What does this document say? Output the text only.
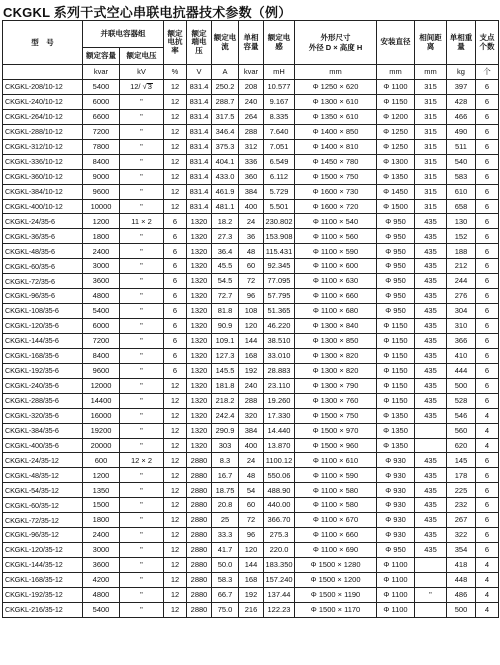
CKGKL 系列干式空心串联电抗器技术参数（例）
型　号	并联电容器组		额定电抗率	额定端电压	额定电流	单相容量	额定电感	外形尺寸
外径 D × 高度 H	安装直径	相间距离	单相重量	支点个数
	额定容量	额定电压										
	kvar	kV	%	V	A	kvar	mH	mm	mm	mm	kg	个
CKGKL-208/10-12	5400	12/ √3	12	831.4	250.2	208	10.577	Φ 1250 × 620	Φ 1100	315	397	6
CKGKL-240/10-12	6000	"	12	831.4	288.7	240	9.167	Φ 1300 × 610	Φ 1150	315	428	6
CKGKL-264/10-12	6600	"	12	831.4	317.5	264	8.335	Φ 1350 × 610	Φ 1200	315	466	6
CKGKL-288/10-12	7200	"	12	831.4	346.4	288	7.640	Φ 1400 × 850	Φ 1250	315	490	6
CKGKL-312/10-12	7800	"	12	831.4	375.3	312	7.051	Φ 1400 × 810	Φ 1250	315	511	6
CKGKL-336/10-12	8400	"	12	831.4	404.1	336	6.549	Φ 1450 × 780	Φ 1300	315	540	6
CKGKL-360/10-12	9000	"	12	831.4	433.0	360	6.112	Φ 1500 × 750	Φ 1350	315	583	6
CKGKL-384/10-12	9600	"	12	831.4	461.9	384	5.729	Φ 1600 × 730	Φ 1450	315	610	6
CKGKL-400/10-12	10000	"	12	831.4	481.1	400	5.501	Φ 1600 × 720	Φ 1500	315	658	6
CKGKL-24/35-6	1200	11 × 2	6	1320	18.2	24	230.802	Φ 1100 × 540	Φ 950	435	130	6
CKGKL-36/35-6	1800	"	6	1320	27.3	36	153.908	Φ 1100 × 560	Φ 950	435	152	6
CKGKL-48/35-6	2400	"	6	1320	36.4	48	115.431	Φ 1100 × 590	Φ 950	435	188	6
CKGKL-60/35-6	3000	"	6	1320	45.5	60	92.345	Φ 1100 × 600	Φ 950	435	212	6
CKGKL-72/35-6	3600	"	6	1320	54.5	72	77.095	Φ 1100 × 630	Φ 950	435	244	6
CKGKL-96/35-6	4800	"	6	1320	72.7	96	57.795	Φ 1100 × 660	Φ 950	435	276	6
CKGKL-108/35-6	5400	"	6	1320	81.8	108	51.365	Φ 1100 × 680	Φ 950	435	304	6
CKGKL-120/35-6	6000	"	6	1320	90.9	120	46.220	Φ 1300 × 840	Φ 1150	435	310	6
CKGKL-144/35-6	7200	"	6	1320	109.1	144	38.510	Φ 1300 × 850	Φ 1150	435	366	6
CKGKL-168/35-6	8400	"	6	1320	127.3	168	33.010	Φ 1300 × 820	Φ 1150	435	410	6
CKGKL-192/35-6	9600	"	6	1320	145.5	192	28.883	Φ 1300 × 820	Φ 1150	435	444	6
CKGKL-240/35-6	12000	"	12	1320	181.8	240	23.110	Φ 1300 × 790	Φ 1150	435	500	6
CKGKL-288/35-6	14400	"	12	1320	218.2	288	19.260	Φ 1300 × 760	Φ 1150	435	528	6
CKGKL-320/35-6	16000	"	12	1320	242.4	320	17.330	Φ 1500 × 750	Φ 1350	435	546	4
CKGKL-384/35-6	19200	"	12	1320	290.9	384	14.440	Φ 1500 × 970	Φ 1350		560	4
CKGKL-400/35-6	20000	"	12	1320	303	400	13.870	Φ 1500 × 960	Φ 1350		620	4
CKGKL-24/35-12	600	12 × 2	12	2880	8.3	24	1100.12	Φ 1100 × 610	Φ 930	435	145	6
CKGKL-48/35-12	1200	"	12	2880	16.7	48	550.06	Φ 1100 × 590	Φ 930	435	178	6
CKGKL-54/35-12	1350	"	12	2880	18.75	54	488.90	Φ 1100 × 580	Φ 930	435	225	6
CKGKL-60/35-12	1500	"	12	2880	20.8	60	440.00	Φ 1100 × 580	Φ 930	435	232	6
CKGKL-72/35-12	1800	"	12	2880	25	72	366.70	Φ 1100 × 670	Φ 930	435	267	6
CKGKL-96/35-12	2400	"	12	2880	33.3	96	275.3	Φ 1100 × 660	Φ 930	435	322	6
CKGKL-120/35-12	3000	"	12	2880	41.7	120	220.0	Φ 1100 × 690	Φ 950	435	354	6
CKGKL-144/35-12	3600	"	12	2880	50.0	144	183.350	Φ 1500 × 1280	Φ 1100		418	4
CKGKL-168/35-12	4200	"	12	2880	58.3	168	157.240	Φ 1500 × 1200	Φ 1100		448	4
CKGKL-192/35-12	4800	"	12	2880	66.7	192	137.44	Φ 1500 × 1190	Φ 1100	"	486	4
CKGKL-216/35-12	5400	"	12	2880	75.0	216	122.23	Φ 1500 × 1170	Φ 1100		500	4
